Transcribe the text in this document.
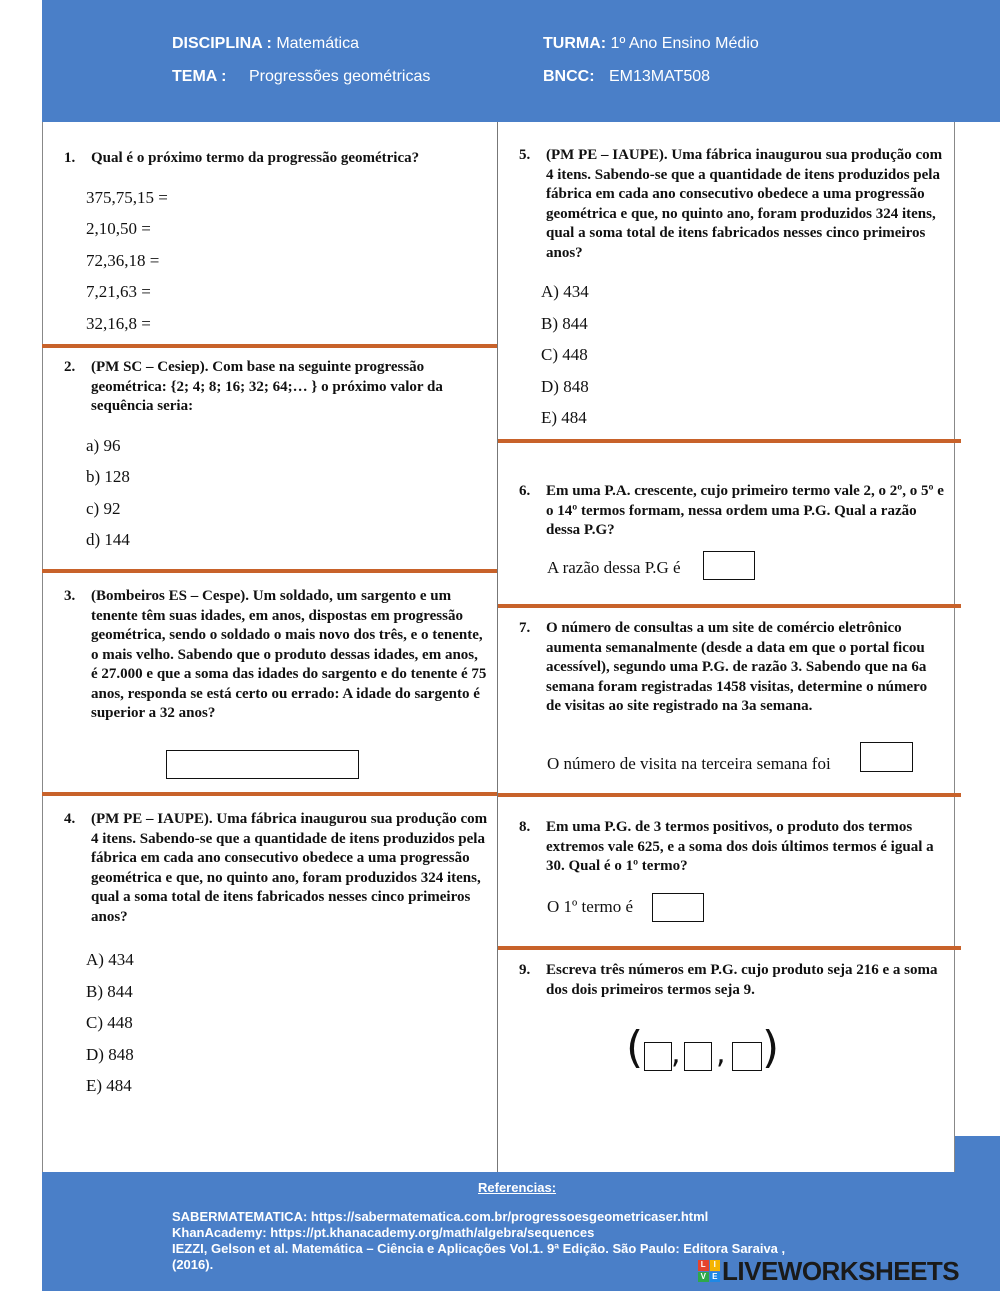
DISCIPLINA : Matemática
TEMA : Progressões geométricas
TURMA: 1º Ano Ensino Médio
BNCC: EM13MAT508
1. Qual é o próximo termo da progressão geométrica?
375,75,15 =
2,10,50 =
72,36,18 =
7,21,63 =
32,16,8 =
2. (PM SC – Cesiep). Com base na seguinte progressão geométrica: {2; 4; 8; 16; 32; 64;… } o próximo valor da sequência seria:
a) 96
b) 128
c) 92
d) 144
3. (Bombeiros ES – Cespe). Um soldado, um sargento e um tenente têm suas idades, em anos, dispostas em progressão geométrica, sendo o soldado o mais novo dos três, e o tenente, o mais velho. Sabendo que o produto dessas idades, em anos, é 27.000 e que a soma das idades do sargento e do tenente é 75 anos, responda se está certo ou errado: A idade do sargento é superior a 32 anos?
4. (PM PE – IAUPE). Uma fábrica inaugurou sua produção com 4 itens. Sabendo-se que a quantidade de itens produzidos pela fábrica em cada ano consecutivo obedece a uma progressão geométrica e que, no quinto ano, foram produzidos 324 itens, qual a soma total de itens fabricados nesses cinco primeiros anos?
A) 434
B) 844
C) 448
D) 848
E) 484
5. (PM PE – IAUPE). Uma fábrica inaugurou sua produção com 4 itens. Sabendo-se que a quantidade de itens produzidos pela fábrica em cada ano consecutivo obedece a uma progressão geométrica e que, no quinto ano, foram produzidos 324 itens, qual a soma total de itens fabricados nesses cinco primeiros anos?
A) 434
B) 844
C) 448
D) 848
E) 484
6. Em uma P.A. crescente, cujo primeiro termo vale 2, o 2º, o 5º e o 14º termos formam, nessa ordem uma P.G. Qual a razão dessa P.G?
A razão dessa P.G é
7. O número de consultas a um site de comércio eletrônico aumenta semanalmente (desde a data em que o portal ficou acessível), segundo uma P.G. de razão 3. Sabendo que na 6a semana foram registradas 1458 visitas, determine o número de visitas ao site registrado na 3a semana.
O número de visita na terceira semana foi
8. Em uma P.G. de 3 termos positivos, o produto dos termos extremos vale 625, e a soma dos dois últimos termos é igual a 30. Qual é o 1º termo?
O 1º termo é
9. Escreva três números em P.G. cujo produto seja 216 e a soma dos dois primeiros termos seja 9.
( , , )
Referencias:
SABERMATEMATICA: https://sabermatematica.com.br/progressoesgeometricaser.html
KhanAcademy: https://pt.khanacademy.org/math/algebra/sequences
IEZZI, Gelson et al. Matemática – Ciência e Aplicações Vol.1. 9ª Edição. São Paulo: Editora Saraiva ,
(2016).	L I
V E LIVEWORKSHEETS
